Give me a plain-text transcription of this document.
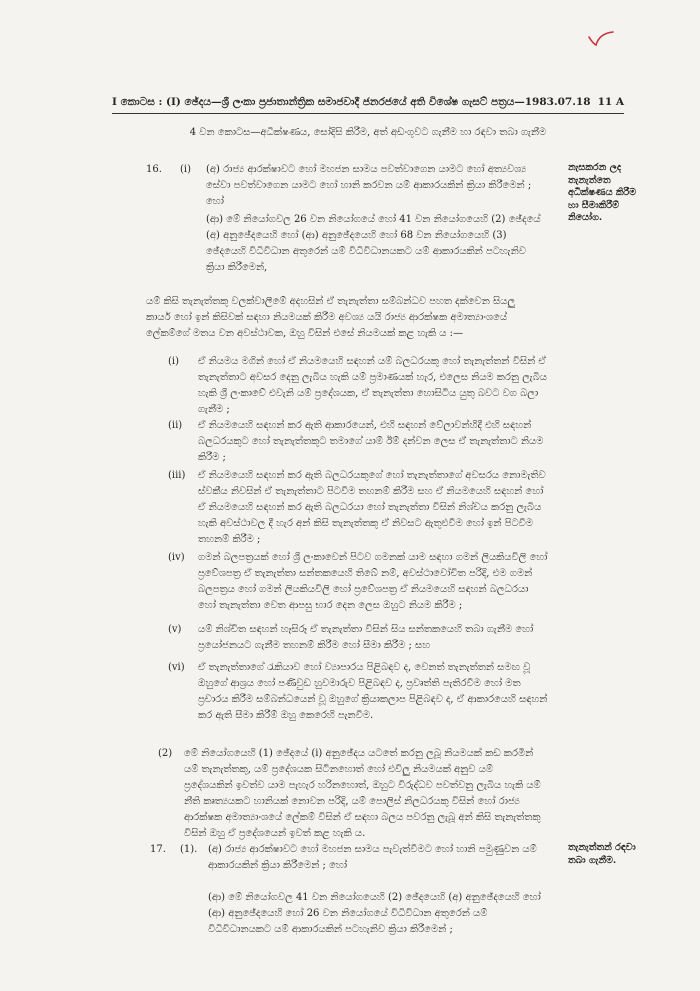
I කොටස : (I) ඡේදය—ශ්‍රී ලංකා ප්‍රජාතාන්ත්‍රික සමාජවාදී ජනරජයේ අති විශේෂ ගැසට් පත්‍රය—1983.07.18 11 A
4 වන කොටස—අධීක්ෂණය, සෝදිසි කිරීම, අත් අඩංගුවට ගැනීම හා රඳවා තබා ගැනීම
16. (i) (අ) රාජ්‍ය ආරක්ෂාවට හෝ මහජන සාමය පවත්වාගෙන යාමට හෝ අත්‍යවශ්‍ය සේවා පවත්වාගෙන යාමට හෝ හානි කරවන යම් ආකාරයකින් ක්‍රියා කිරීමෙන් ; හෝ
(ආ) මේ නියෝගවල 26 වන නියෝගයේ හෝ 41 වන නියෝගයෙහි (2) ඡේදයේ (අ) අනුඡේදයෙහි හෝ (ආ) අනුඡේදයෙහි හෝ 68 වන නියෝගයෙහි (3) ඡේදයෙහි විධිවිධාන අතුරෙන් යම් විධිවිධානයකට යම් ආකාරයකින් පටහැනිව ක්‍රියා කිරීමෙන්,
යම් කිසි තැනැත්තකු වලක්වාලීමේ අදහසින් ඒ තැනැත්තා සම්බන්ධව පහත දක්වෙන සියලු කාර්ය හෝ ඉන් කිසිවක් සඳහා නියමයක් කිරීම අවශ්‍ය යයි රාජ්‍ය ආරක්ෂක අමාත්‍යාංශයේ ලේකම්ගේ මතය වන අවස්ථාවක, ඔහු විසින් එසේ නියමයක් කළ හැකි ය :—
නැසකරන ලද තැනැත්තෙ අධීක්ෂණය කිරීම හා සීමාකිරීම් නියෝග.
(i)	ඒ නියමය මගින් හෝ ඒ නියමයෙහි සඳහන් යම් බලධරයකු හෝ තැනැත්තන් විසින් ඒ තැනැත්තාට අවසර දෙනු ලැබිය හැකි යම් ප්‍රමාණයක් හැර, එලෙස නියම කරනු ලැබිය හැකි ශ්‍රී ලංකාවේ එවැනි යම් ප්‍රදේශයක, ඒ තැනැත්තා හොසිටිය යුතු බවට වග බලා ගැනීම ;

(ii)	ඒ නියමයෙහි සඳහන් කර ඇති ආකාරයෙන්, එහි සඳහන් වේලාවන්හිදී එහි සඳහන් බලධරයකුට හෝ තැනැත්තකුට තමාගේ යාම් ඊම් දන්වන ලෙස ඒ තැනැත්තාට නියම කිරීම ;

(iii)	ඒ නියමයෙහි සඳහන් කර ඇති බලධරයකුගේ හෝ තැනැත්තාගේ අවසරය නොමැතිව ස්වකීය නිවසින් ඒ තැනැත්තාට පිටවීම තහනම් කිරීම සහ ඒ නියමයෙහි සඳහන් හෝ ඒ නියමයෙහි සඳහන් කර ඇති බලධරයා හෝ තැනැත්තා විසින් නිශ්චය කරනු ලැබිය හැකි අවස්ථාවල දී හැර අන් කිසි තැනැත්තකු ඒ නිවසට ඇතුළුවීම හෝ ඉන් පිටවීම තහනම් කිරීම ;

(iv)	ගමන් බලපත්‍රයක් හෝ ශ්‍රී ලංකාවෙන් පිටව ගමනක් යාම සඳහා ගමන් ලියකියවිලි හෝ ප්‍රවේශපත්‍ර ඒ තැනැත්තා සන්තකයෙහි තිබේ නම්, අවස්ථාවෝචිත පරිදි, එම ගමන් බලපත්‍රය හෝ ගමන් ලියකියවිලි හෝ ප්‍රවේශපත්‍ර ඒ නියමයෙහි සඳහන් බලධරයා හෝ තැනැත්තා වෙත ආපසු භාර දෙන ලෙස ඔහුට නියම කිරීම ;

(v)	යම් නිශ්චිත සඳහන් හෑසිරූ ඒ තැනැත්තා විසින් සිය සන්තකයෙහි තබා ගැනීම හෝ ප්‍රයෝජනයට ගැනීම තහනම් කිරීම හෝ සීමා කිරීම ; සහ

(vi)	ඒ තැනැත්තාගේ රැකියාව හෝ ව්‍යාපාරය පිළිබඳව ද, වෙනත් තැනැත්තන් සමඟ වූ ඔහුගේ ආශ්‍රය හෝ පණිවුඩ හුවමාරුව පිළිබඳව ද, ප්‍රවෘත්ති පැතිරවීම හෝ මත ප්‍රචාරය කිරීම සම්බන්ධයෙන් වූ ඔහුගේ ක්‍රියාකලාප පිළිබඳව ද, ඒ ආකාරයෙහි සඳහන් කර ඇති සීමා කිරීම් ඔහු කෙරෙහි පැනවීම.

(2) මේ නියෝගයෙහි (1) ඡේදයේ (i) අනුඡේදය යටතේ කරනු ලබූ නියමයක් කඩ කරමින් යම් තැනැත්තකු, යම් ප්‍රදේශයක සිටිනහොත් හෝ එවිලු නියමයක් අනුව යම් ප්‍රදේශයකින් ඉවත්ව යාම පැහැර හරිනහොත්, ඔහුට විරුද්ධව පවත්වනු ලැබිය හැකි යම් නීති කෘත්‍යයකට හානියක් නොවන පරිදි, යම් පොලිස් නිලධරයකු විසින් හෝ රාජ්‍ය ආරක්ෂක අමාත්‍යාංශයේ ලේකම් විසින් ඒ සඳහා බලය පවරනු ලැබූ අන් කිසි තැනැත්තකු විසින් ඔහු ඒ ප්‍රදේශයෙන් ඉවත් කළ හැකි ය.
17. (1). (අ) රාජ්‍ය ආරක්ෂාවට හෝ මහජන සාමය පැවැත්වීමට හෝ හානි පමුණුවන යම් ආකාරයකින් ක්‍රියා කිරීමෙන් ; හෝ
(ආ) මේ නියෝගවල 41 වන නියෝගයෙහි (2) ඡේදයෙහි (අ) අනුඡේදයෙහි හෝ (ආ) අනුඡේදයෙහි හෝ 26 වන නියෝගයේ විධිවිධාන අතුරෙන් යම් විධිවිධානයකට යම් ආකාරයකින් පටහැනිව ක්‍රියා කිරීමෙන් ;
තැනැත්තන් රඳවා තබා ගැනීම.
